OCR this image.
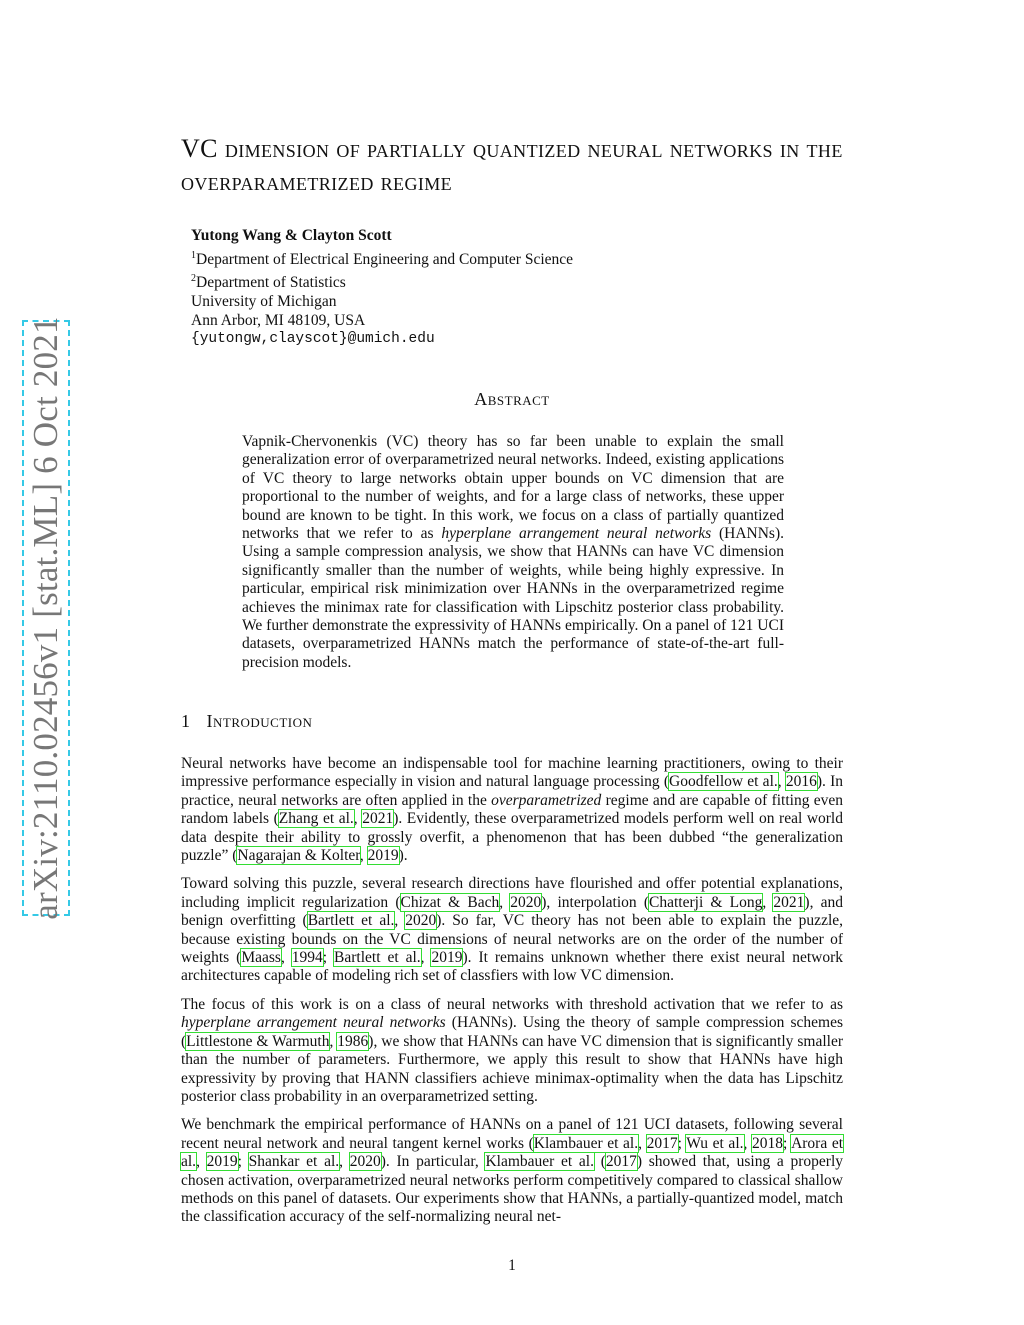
arXiv:2110.02456v1 [stat.ML] 6 Oct 2021
VC dimension of partially quantized neural networks in the overparametrized regime
Yutong Wang & Clayton Scott
$^1$Department of Electrical Engineering and Computer Science
$^2$Department of Statistics
University of Michigan
Ann Arbor, MI 48109, USA
{yutongw,clayscot}@umich.edu
Abstract

Vapnik-Chervonenkis (VC) theory has so far been unable to explain the small generalization error of overparametrized neural networks. Indeed, existing applications of VC theory to large networks obtain upper bounds on VC dimension that are proportional to the number of weights, and for a large class of networks, these upper bound are known to be tight. In this work, we focus on a class of partially quantized networks that we refer to as hyperplane arrangement neural networks (HANNs). Using a sample compression analysis, we show that HANNs can have VC dimension significantly smaller than the number of weights, while being highly expressive. In particular, empirical risk minimization over HANNs in the overparametrized regime achieves the minimax rate for classification with Lipschitz posterior class probability. We further demonstrate the expressivity of HANNs empirically. On a panel of 121 UCI datasets, overparametrized HANNs match the performance of state-of-the-art full-precision models.

1 Introduction

Neural networks have become an indispensable tool for machine learning practitioners, owing to their impressive performance especially in vision and natural language processing (Goodfellow et al., 2016). In practice, neural networks are often applied in the overparametrized regime and are capable of fitting even random labels (Zhang et al., 2021). Evidently, these overparametrized models perform well on real world data despite their ability to grossly overfit, a phenomenon that has been dubbed “the generalization puzzle” (Nagarajan & Kolter, 2019).

Toward solving this puzzle, several research directions have flourished and offer potential explanations, including implicit regularization (Chizat & Bach, 2020), interpolation (Chatterji & Long, 2021), and benign overfitting (Bartlett et al., 2020). So far, VC theory has not been able to explain the puzzle, because existing bounds on the VC dimensions of neural networks are on the order of the number of weights (Maass, 1994; Bartlett et al., 2019). It remains unknown whether there exist neural network architectures capable of modeling rich set of classfiers with low VC dimension.

The focus of this work is on a class of neural networks with threshold activation that we refer to as hyperplane arrangement neural networks (HANNs). Using the theory of sample compression schemes (Littlestone & Warmuth, 1986), we show that HANNs can have VC dimension that is significantly smaller than the number of parameters. Furthermore, we apply this result to show that HANNs have high expressivity by proving that HANN classifiers achieve minimax-optimality when the data has Lipschitz posterior class probability in an overparametrized setting.

We benchmark the empirical performance of HANNs on a panel of 121 UCI datasets, following several recent neural network and neural tangent kernel works (Klambauer et al., 2017; Wu et al., 2018; Arora et al., 2019; Shankar et al., 2020). In particular, Klambauer et al. (2017) showed that, using a properly chosen activation, overparametrized neural networks perform competitively compared to classical shallow methods on this panel of datasets. Our experiments show that HANNs, a partially-quantized model, match the classification accuracy of the self-normalizing neural net-

1
